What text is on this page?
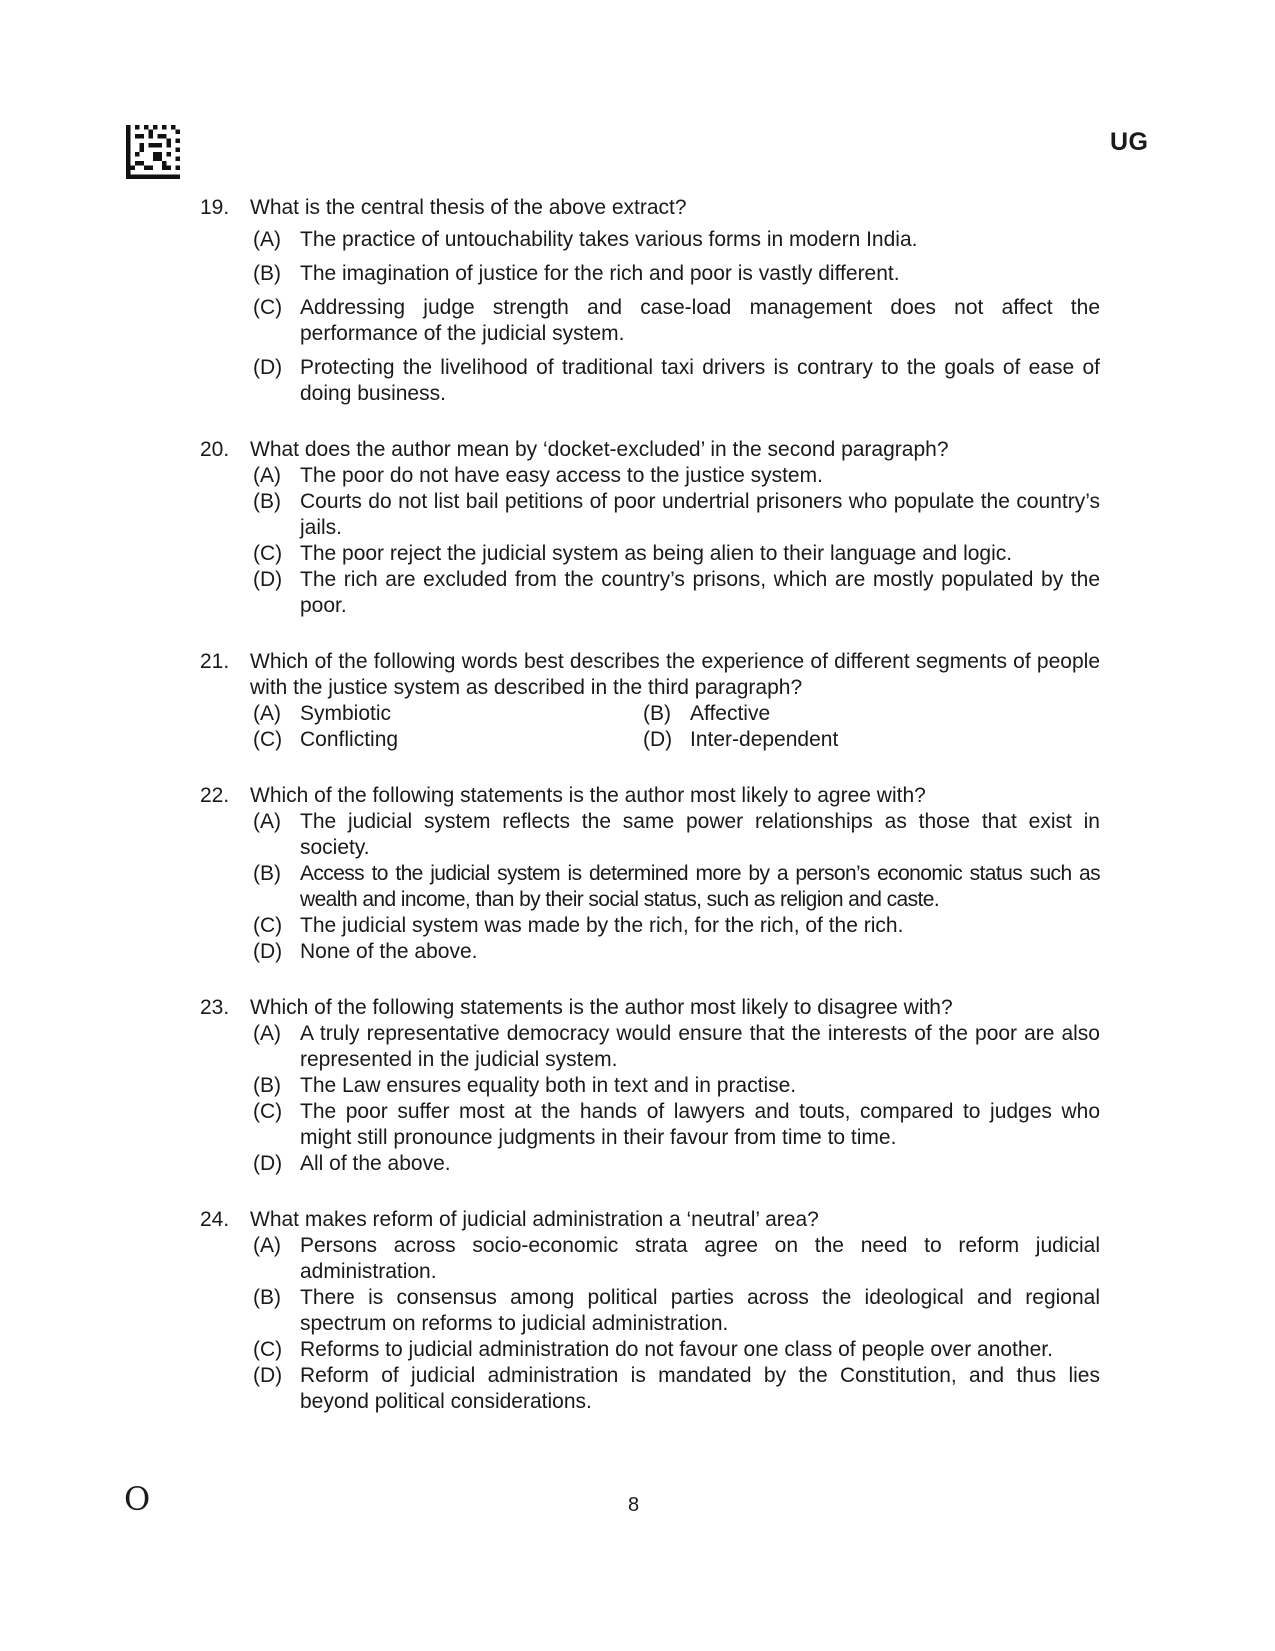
UG
19. What is the central thesis of the above extract?
(A) The practice of untouchability takes various forms in modern India.
(B) The imagination of justice for the rich and poor is vastly different.
(C) Addressing judge strength and case-load management does not affect the performance of the judicial system.
(D) Protecting the livelihood of traditional taxi drivers is contrary to the goals of ease of doing business.
20. What does the author mean by ‘docket-excluded’ in the second paragraph?
(A) The poor do not have easy access to the justice system.
(B) Courts do not list bail petitions of poor undertrial prisoners who populate the country’s jails.
(C) The poor reject the judicial system as being alien to their language and logic.
(D) The rich are excluded from the country’s prisons, which are mostly populated by the poor.
21. Which of the following words best describes the experience of different segments of people with the justice system as described in the third paragraph?
(A) Symbiotic	(B) Affective
(C) Conflicting	(D) Inter-dependent
22. Which of the following statements is the author most likely to agree with?
(A) The judicial system reflects the same power relationships as those that exist in society.
(B) Access to the judicial system is determined more by a person’s economic status such as wealth and income, than by their social status, such as religion and caste.
(C) The judicial system was made by the rich, for the rich, of the rich.
(D) None of the above.
23. Which of the following statements is the author most likely to disagree with?
(A) A truly representative democracy would ensure that the interests of the poor are also represented in the judicial system.
(B) The Law ensures equality both in text and in practise.
(C) The poor suffer most at the hands of lawyers and touts, compared to judges who might still pronounce judgments in their favour from time to time.
(D) All of the above.
24. What makes reform of judicial administration a ‘neutral’ area?
(A) Persons across socio-economic strata agree on the need to reform judicial administration.
(B) There is consensus among political parties across the ideological and regional spectrum on reforms to judicial administration.
(C) Reforms to judicial administration do not favour one class of people over another.
(D) Reform of judicial administration is mandated by the Constitution, and thus lies beyond political considerations.
O	8
